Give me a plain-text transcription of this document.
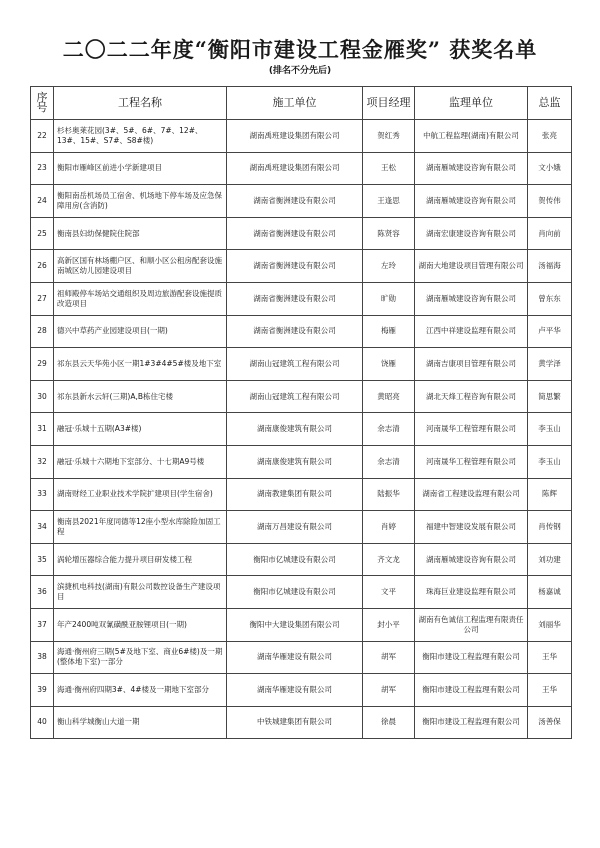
二〇二二年度“衡阳市建设工程金雁奖” 获奖名单
(排名不分先后)
序号	工程名称	施工单位	项目经理	监理单位	总监
22	杉杉奥莱花园(3#、5#、6#、7#、12#、13#、15#、S7#、S8#楼)	湖南禹班建设集团有限公司	贺红秀	中航工程监理(湖南)有限公司	张亮
23	衡阳市雁峰区前进小学新建项目	湖南禹班建设集团有限公司	王松	湖南雁城建设咨询有限公司	文小娥
24	衡阳南岳机场员工宿舍、机场地下停车场及应急保障用房(含消防)	湖南省衡洲建设有限公司	王逢思	湖南雁城建设咨询有限公司	贺传伟
25	衡南县妇幼保健院住院部	湖南省衡洲建设有限公司	陈贤容	湖南宏康建设咨询有限公司	肖向前
26	高新区国有林场棚户区、和顺小区公租房配套设施南城区幼儿园建设项目	湖南省衡洲建设有限公司	左玲	湖南大地建设项目管理有限公司	汤福海
27	祖师殿停车场站交通组织及周边旅游配套设施提质改造项目	湖南省衡洲建设有限公司	旷勋	湖南雁城建设咨询有限公司	曾东东
28	德兴中草药产业园建设项目(一期)	湖南省衡洲建设有限公司	梅雁	江西中祥建设监理有限公司	卢平华
29	祁东县云天华苑小区一期1#3#4#5#楼及地下室	湖南山冠建筑工程有限公司	饶雁	湖南吉康项目管理有限公司	黄学泽
30	祁东县新水云轩(三期)A,B栋住宅楼	湖南山冠建筑工程有限公司	黄昭亮	湖北天烽工程咨询有限公司	简思繁
31	融冠·乐城十五期(A3#楼)	湖南康俊建筑有限公司	余志清	河南晟华工程管理有限公司	李玉山
32	融冠·乐城十六期地下室部分、十七期A9号楼	湖南康俊建筑有限公司	余志清	河南晟华工程管理有限公司	李玉山
33	湖南财经工业职业技术学院扩建项目(学生宿舍)	湖南教建集团有限公司	陆振华	湖南省工程建设监理有限公司	陈辉
34	衡南县2021年度同德等12座小型水库除险加固工程	湖南万昌建设有限公司	肖婷	福建中智建设发展有限公司	肖传钢
35	涡轮增压器综合能力提升项目研发楼工程	衡阳市亿城建设有限公司	齐文龙	湖南雁城建设咨询有限公司	刘功建
36	滨捷机电科技(湖南)有限公司数控设备生产建设项目	衡阳市亿城建设有限公司	文平	珠海巨业建设监理有限公司	杨嘉诚
37	年产2400吨双氰磺酰亚胺锂项目(一期)	衡阳中大建设集团有限公司	封小平	湖南有色诚信工程监理有限责任公司	刘丽华
38	海通·衡州府三期(5#及地下室、商业6#楼)及一期(整体地下室)一部分	湖南华雁建设有限公司	胡军	衡阳市建设工程监理有限公司	王华
39	海通·衡州府四期3#、4#楼及一期地下室部分	湖南华雁建设有限公司	胡军	衡阳市建设工程监理有限公司	王华
40	衡山科学城衡山大道一期	中铁城建集团有限公司	徐晨	衡阳市建设工程监理有限公司	汤善保
